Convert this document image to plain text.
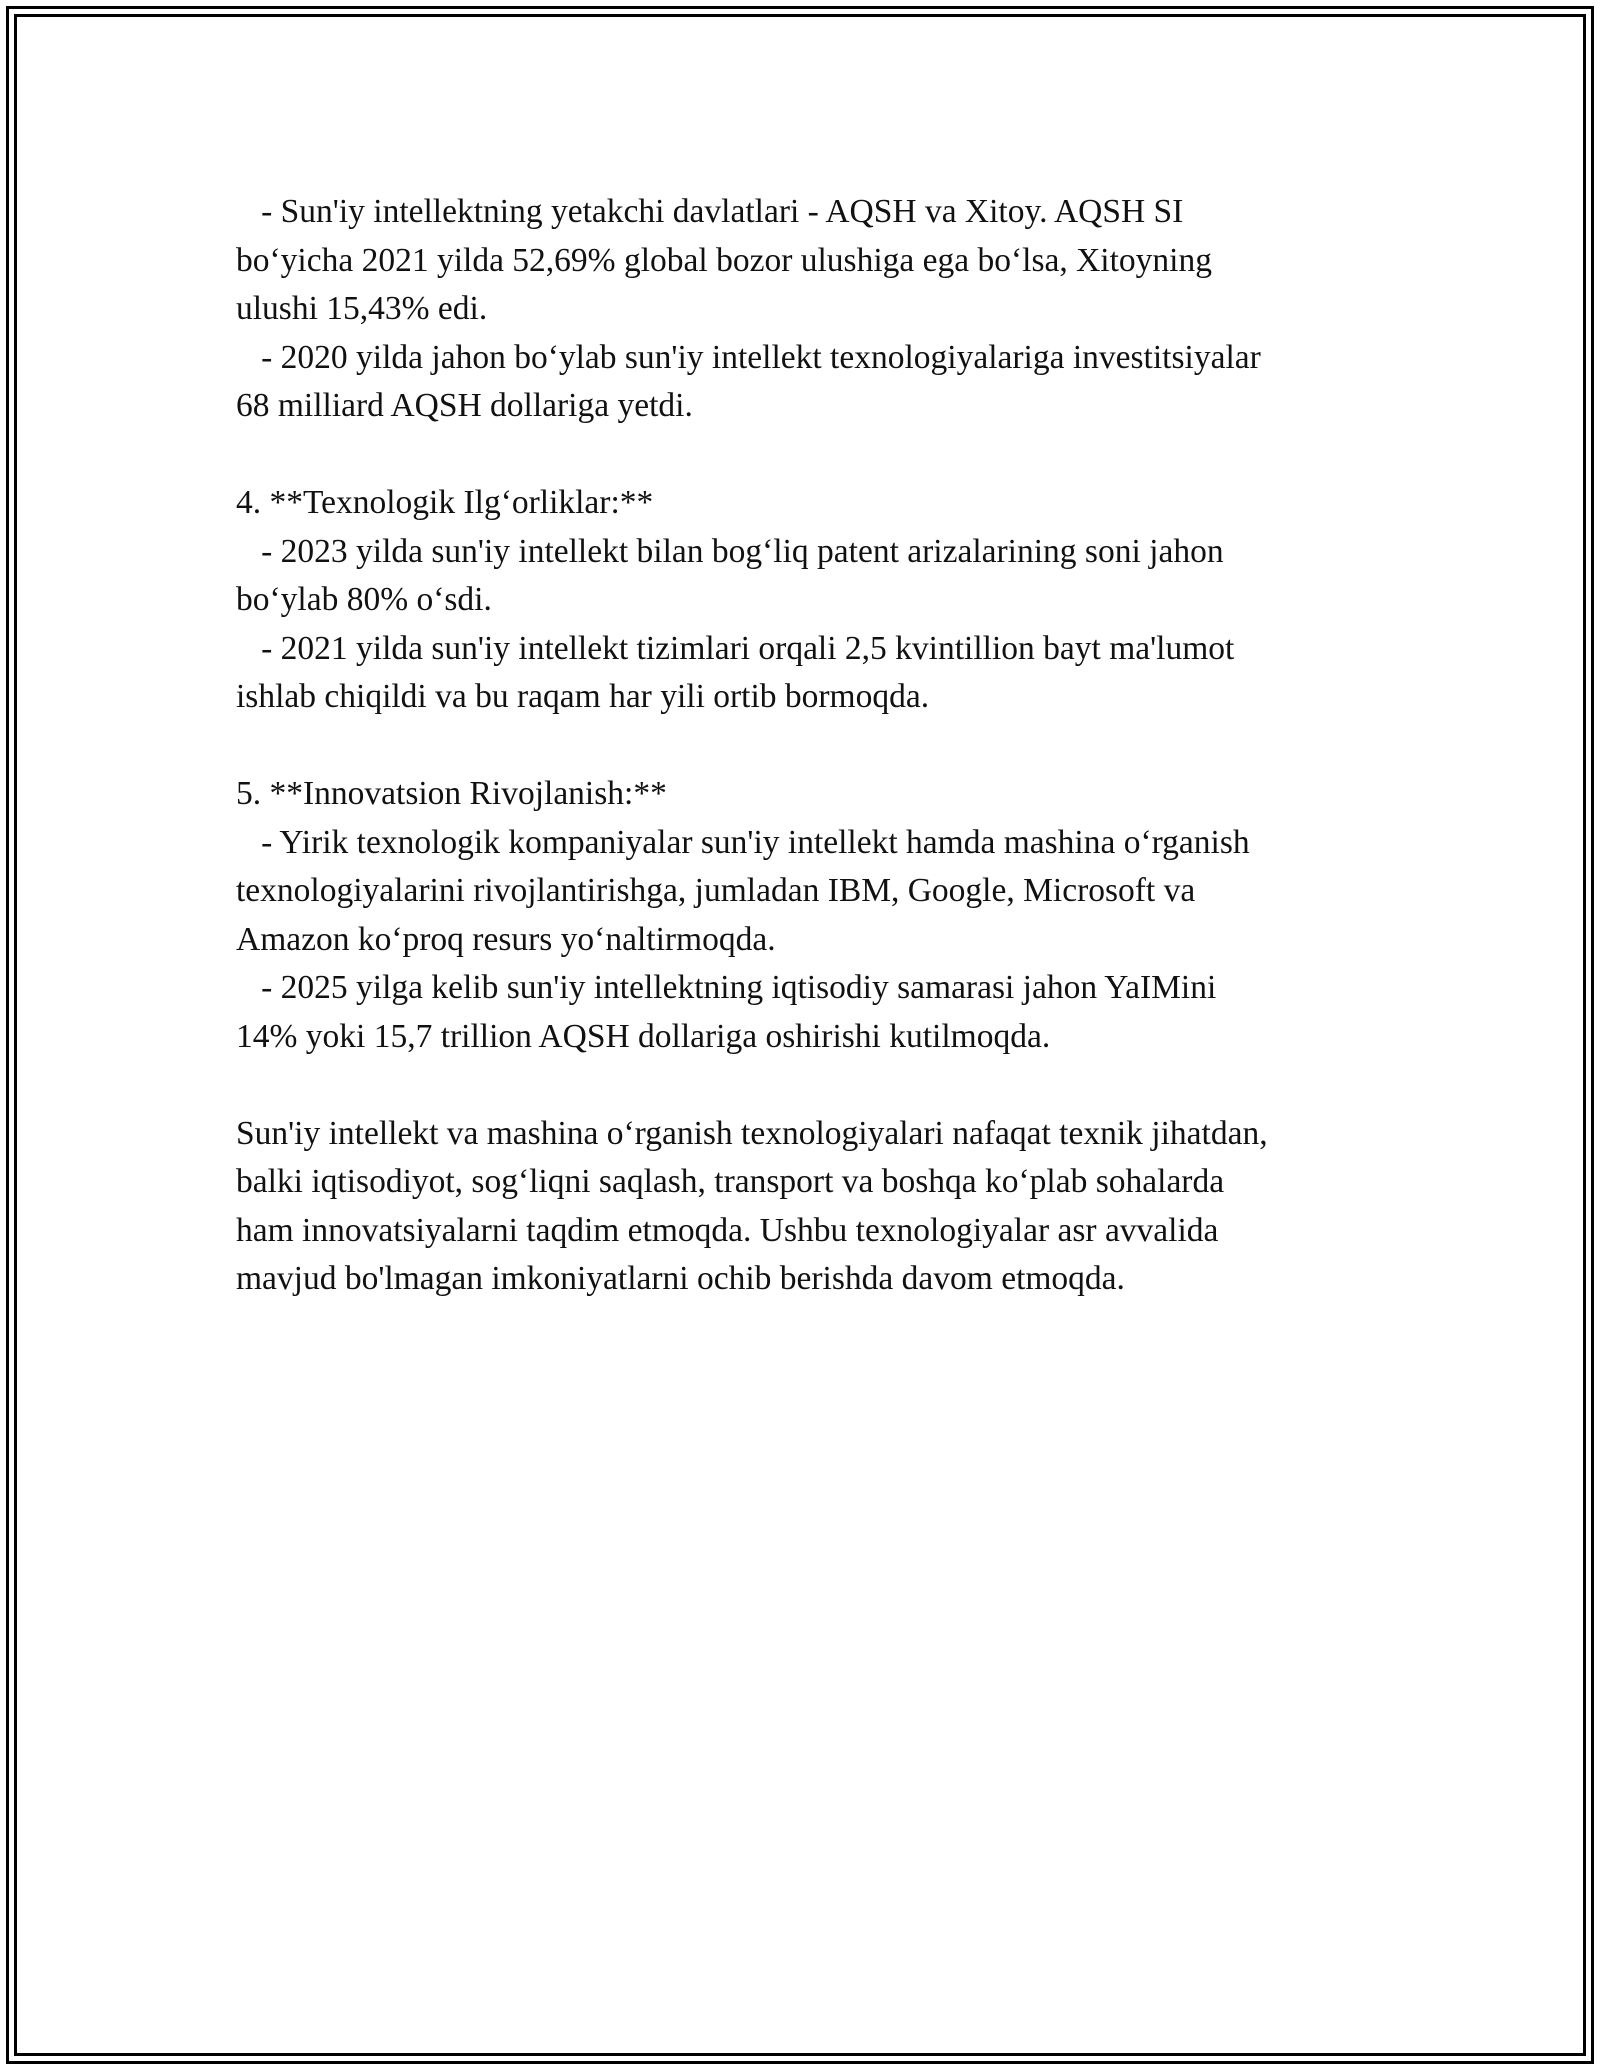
- Sun'iy intellektning yetakchi davlatlari - AQSH va Xitoy. AQSH SI

bo‘yicha 2021 yilda 52,69% global bozor ulushiga ega bo‘lsa, Xitoyning

ulushi 15,43% edi.

- 2020 yilda jahon bo‘ylab sun'iy intellekt texnologiyalariga investitsiyalar

68 milliard AQSH dollariga yetdi.

4. **Texnologik Ilg‘orliklar:**

- 2023 yilda sun'iy intellekt bilan bog‘liq patent arizalarining soni jahon

bo‘ylab 80% o‘sdi.

- 2021 yilda sun'iy intellekt tizimlari orqali 2,5 kvintillion bayt ma'lumot

ishlab chiqildi va bu raqam har yili ortib bormoqda.

5. **Innovatsion Rivojlanish:**

- Yirik texnologik kompaniyalar sun'iy intellekt hamda mashina o‘rganish

texnologiyalarini rivojlantirishga, jumladan IBM, Google, Microsoft va

Amazon ko‘proq resurs yo‘naltirmoqda.

- 2025 yilga kelib sun'iy intellektning iqtisodiy samarasi jahon YaIMini

14% yoki 15,7 trillion AQSH dollariga oshirishi kutilmoqda.

Sun'iy intellekt va mashina o‘rganish texnologiyalari nafaqat texnik jihatdan,

balki iqtisodiyot, sog‘liqni saqlash, transport va boshqa ko‘plab sohalarda

ham innovatsiyalarni taqdim etmoqda. Ushbu texnologiyalar asr avvalida

mavjud bo'lmagan imkoniyatlarni ochib berishda davom etmoqda.
